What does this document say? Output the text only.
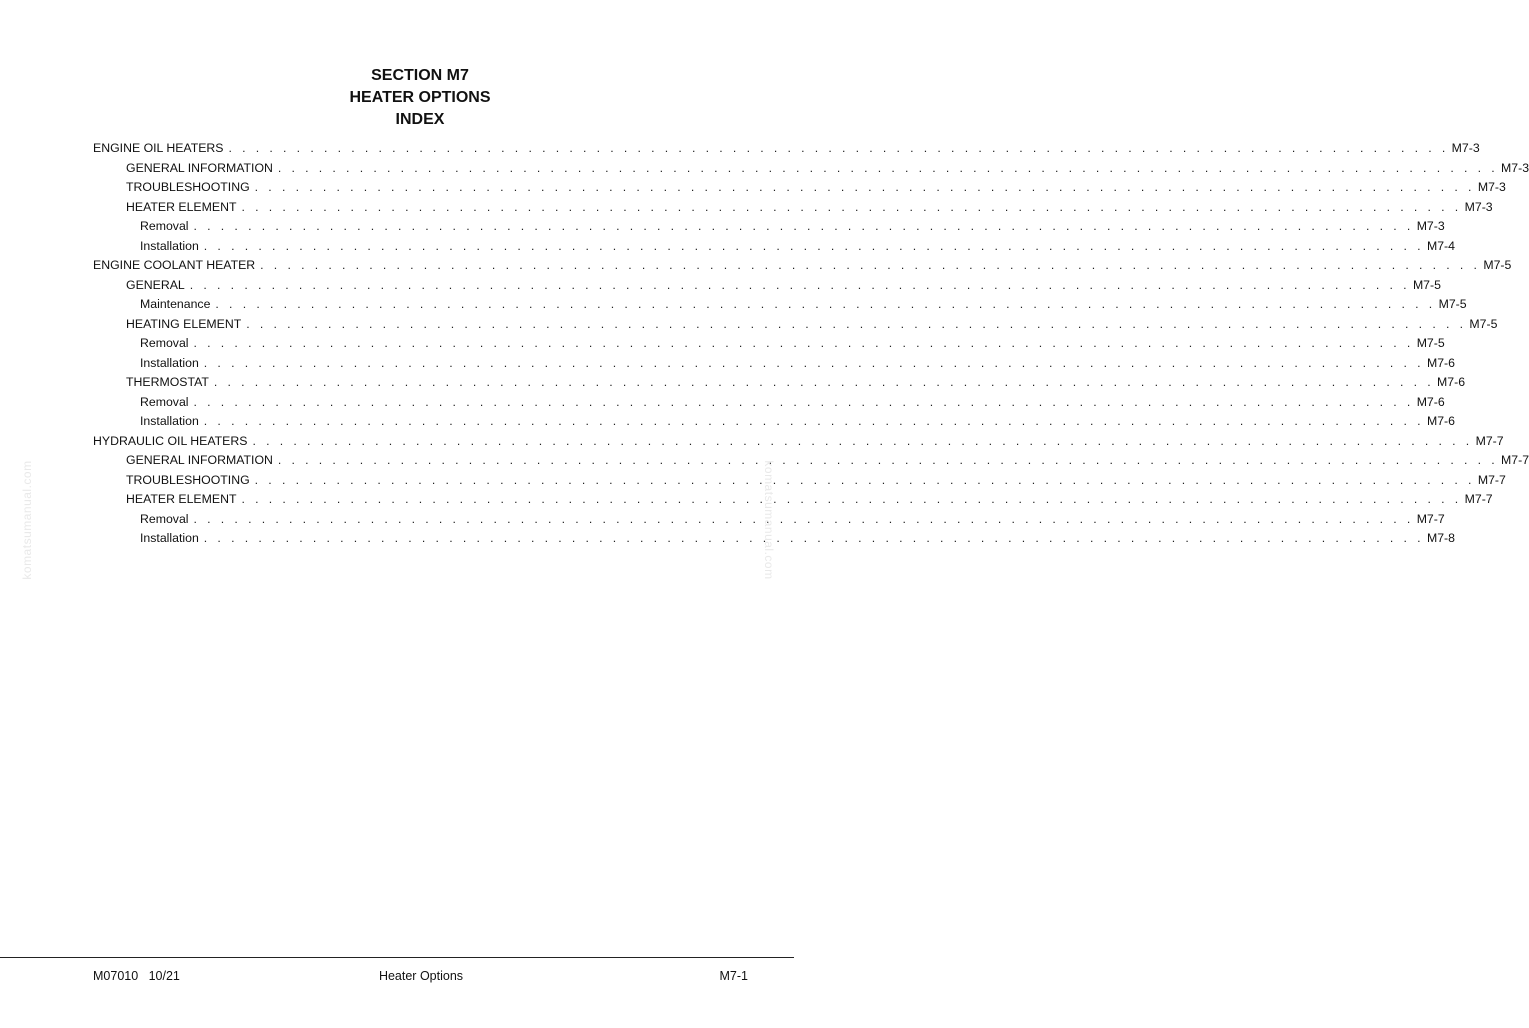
SECTION M7
HEATER OPTIONS
INDEX
ENGINE OIL HEATERS . . . . . . . . . . . . . . . . . . . . . . . . . . . . . . . . . . . . . . . . . . . . . . . . . . . . . . . . . . . . . . . . . . . . . . . . . . . . . . . . . . . . . . . . . . M7-3
GENERAL INFORMATION . . . . . . . . . . . . . . . . . . . . . . . . . . . . . . . . . . . . . . . . . . . . . . . . . . . . . . . . . . . . . . . . . . . . . . . . . . . . . . . . . . . . . . . . . . M7-3
TROUBLESHOOTING . . . . . . . . . . . . . . . . . . . . . . . . . . . . . . . . . . . . . . . . . . . . . . . . . . . . . . . . . . . . . . . . . . . . . . . . . . . . . . . . . . . . . . . . . . M7-3
HEATER ELEMENT . . . . . . . . . . . . . . . . . . . . . . . . . . . . . . . . . . . . . . . . . . . . . . . . . . . . . . . . . . . . . . . . . . . . . . . . . . . . . . . . . . . . . . . . . . M7-3
Removal . . . . . . . . . . . . . . . . . . . . . . . . . . . . . . . . . . . . . . . . . . . . . . . . . . . . . . . . . . . . . . . . . . . . . . . . . . . . . . . . . . . . . . . . . . M7-3
Installation . . . . . . . . . . . . . . . . . . . . . . . . . . . . . . . . . . . . . . . . . . . . . . . . . . . . . . . . . . . . . . . . . . . . . . . . . . . . . . . . . . . . . . . . . . M7-4
ENGINE COOLANT HEATER . . . . . . . . . . . . . . . . . . . . . . . . . . . . . . . . . . . . . . . . . . . . . . . . . . . . . . . . . . . . . . . . . . . . . . . . . . . . . . . . . . . . . . . . . . M7-5
GENERAL . . . . . . . . . . . . . . . . . . . . . . . . . . . . . . . . . . . . . . . . . . . . . . . . . . . . . . . . . . . . . . . . . . . . . . . . . . . . . . . . . . . . . . . . . . M7-5
Maintenance . . . . . . . . . . . . . . . . . . . . . . . . . . . . . . . . . . . . . . . . . . . . . . . . . . . . . . . . . . . . . . . . . . . . . . . . . . . . . . . . . . . . . . . . . . M7-5
HEATING ELEMENT . . . . . . . . . . . . . . . . . . . . . . . . . . . . . . . . . . . . . . . . . . . . . . . . . . . . . . . . . . . . . . . . . . . . . . . . . . . . . . . . . . . . . . . . . . M7-5
Removal . . . . . . . . . . . . . . . . . . . . . . . . . . . . . . . . . . . . . . . . . . . . . . . . . . . . . . . . . . . . . . . . . . . . . . . . . . . . . . . . . . . . . . . . . . M7-5
Installation . . . . . . . . . . . . . . . . . . . . . . . . . . . . . . . . . . . . . . . . . . . . . . . . . . . . . . . . . . . . . . . . . . . . . . . . . . . . . . . . . . . . . . . . . . M7-6
THERMOSTAT . . . . . . . . . . . . . . . . . . . . . . . . . . . . . . . . . . . . . . . . . . . . . . . . . . . . . . . . . . . . . . . . . . . . . . . . . . . . . . . . . . . . . . . . . . M7-6
Removal . . . . . . . . . . . . . . . . . . . . . . . . . . . . . . . . . . . . . . . . . . . . . . . . . . . . . . . . . . . . . . . . . . . . . . . . . . . . . . . . . . . . . . . . . . M7-6
Installation . . . . . . . . . . . . . . . . . . . . . . . . . . . . . . . . . . . . . . . . . . . . . . . . . . . . . . . . . . . . . . . . . . . . . . . . . . . . . . . . . . . . . . . . . . M7-6
HYDRAULIC OIL HEATERS . . . . . . . . . . . . . . . . . . . . . . . . . . . . . . . . . . . . . . . . . . . . . . . . . . . . . . . . . . . . . . . . . . . . . . . . . . . . . . . . . . . . . . . . . . M7-7
GENERAL INFORMATION . . . . . . . . . . . . . . . . . . . . . . . . . . . . . . . . . . . . . . . . . . . . . . . . . . . . . . . . . . . . . . . . . . . . . . . . . . . . . . . . . . . . . . . . . . M7-7
TROUBLESHOOTING . . . . . . . . . . . . . . . . . . . . . . . . . . . . . . . . . . . . . . . . . . . . . . . . . . . . . . . . . . . . . . . . . . . . . . . . . . . . . . . . . . . . . . . . . . M7-7
HEATER ELEMENT . . . . . . . . . . . . . . . . . . . . . . . . . . . . . . . . . . . . . . . . . . . . . . . . . . . . . . . . . . . . . . . . . . . . . . . . . . . . . . . . . . . . . . . . . . M7-7
Removal . . . . . . . . . . . . . . . . . . . . . . . . . . . . . . . . . . . . . . . . . . . . . . . . . . . . . . . . . . . . . . . . . . . . . . . . . . . . . . . . . . . . . . . . . . M7-7
Installation . . . . . . . . . . . . . . . . . . . . . . . . . . . . . . . . . . . . . . . . . . . . . . . . . . . . . . . . . . . . . . . . . . . . . . . . . . . . . . . . . . . . . . . . . . M7-8
komatsumanual.com	komatsumanual.com
M07010   10/21	Heater Options	M7-1
